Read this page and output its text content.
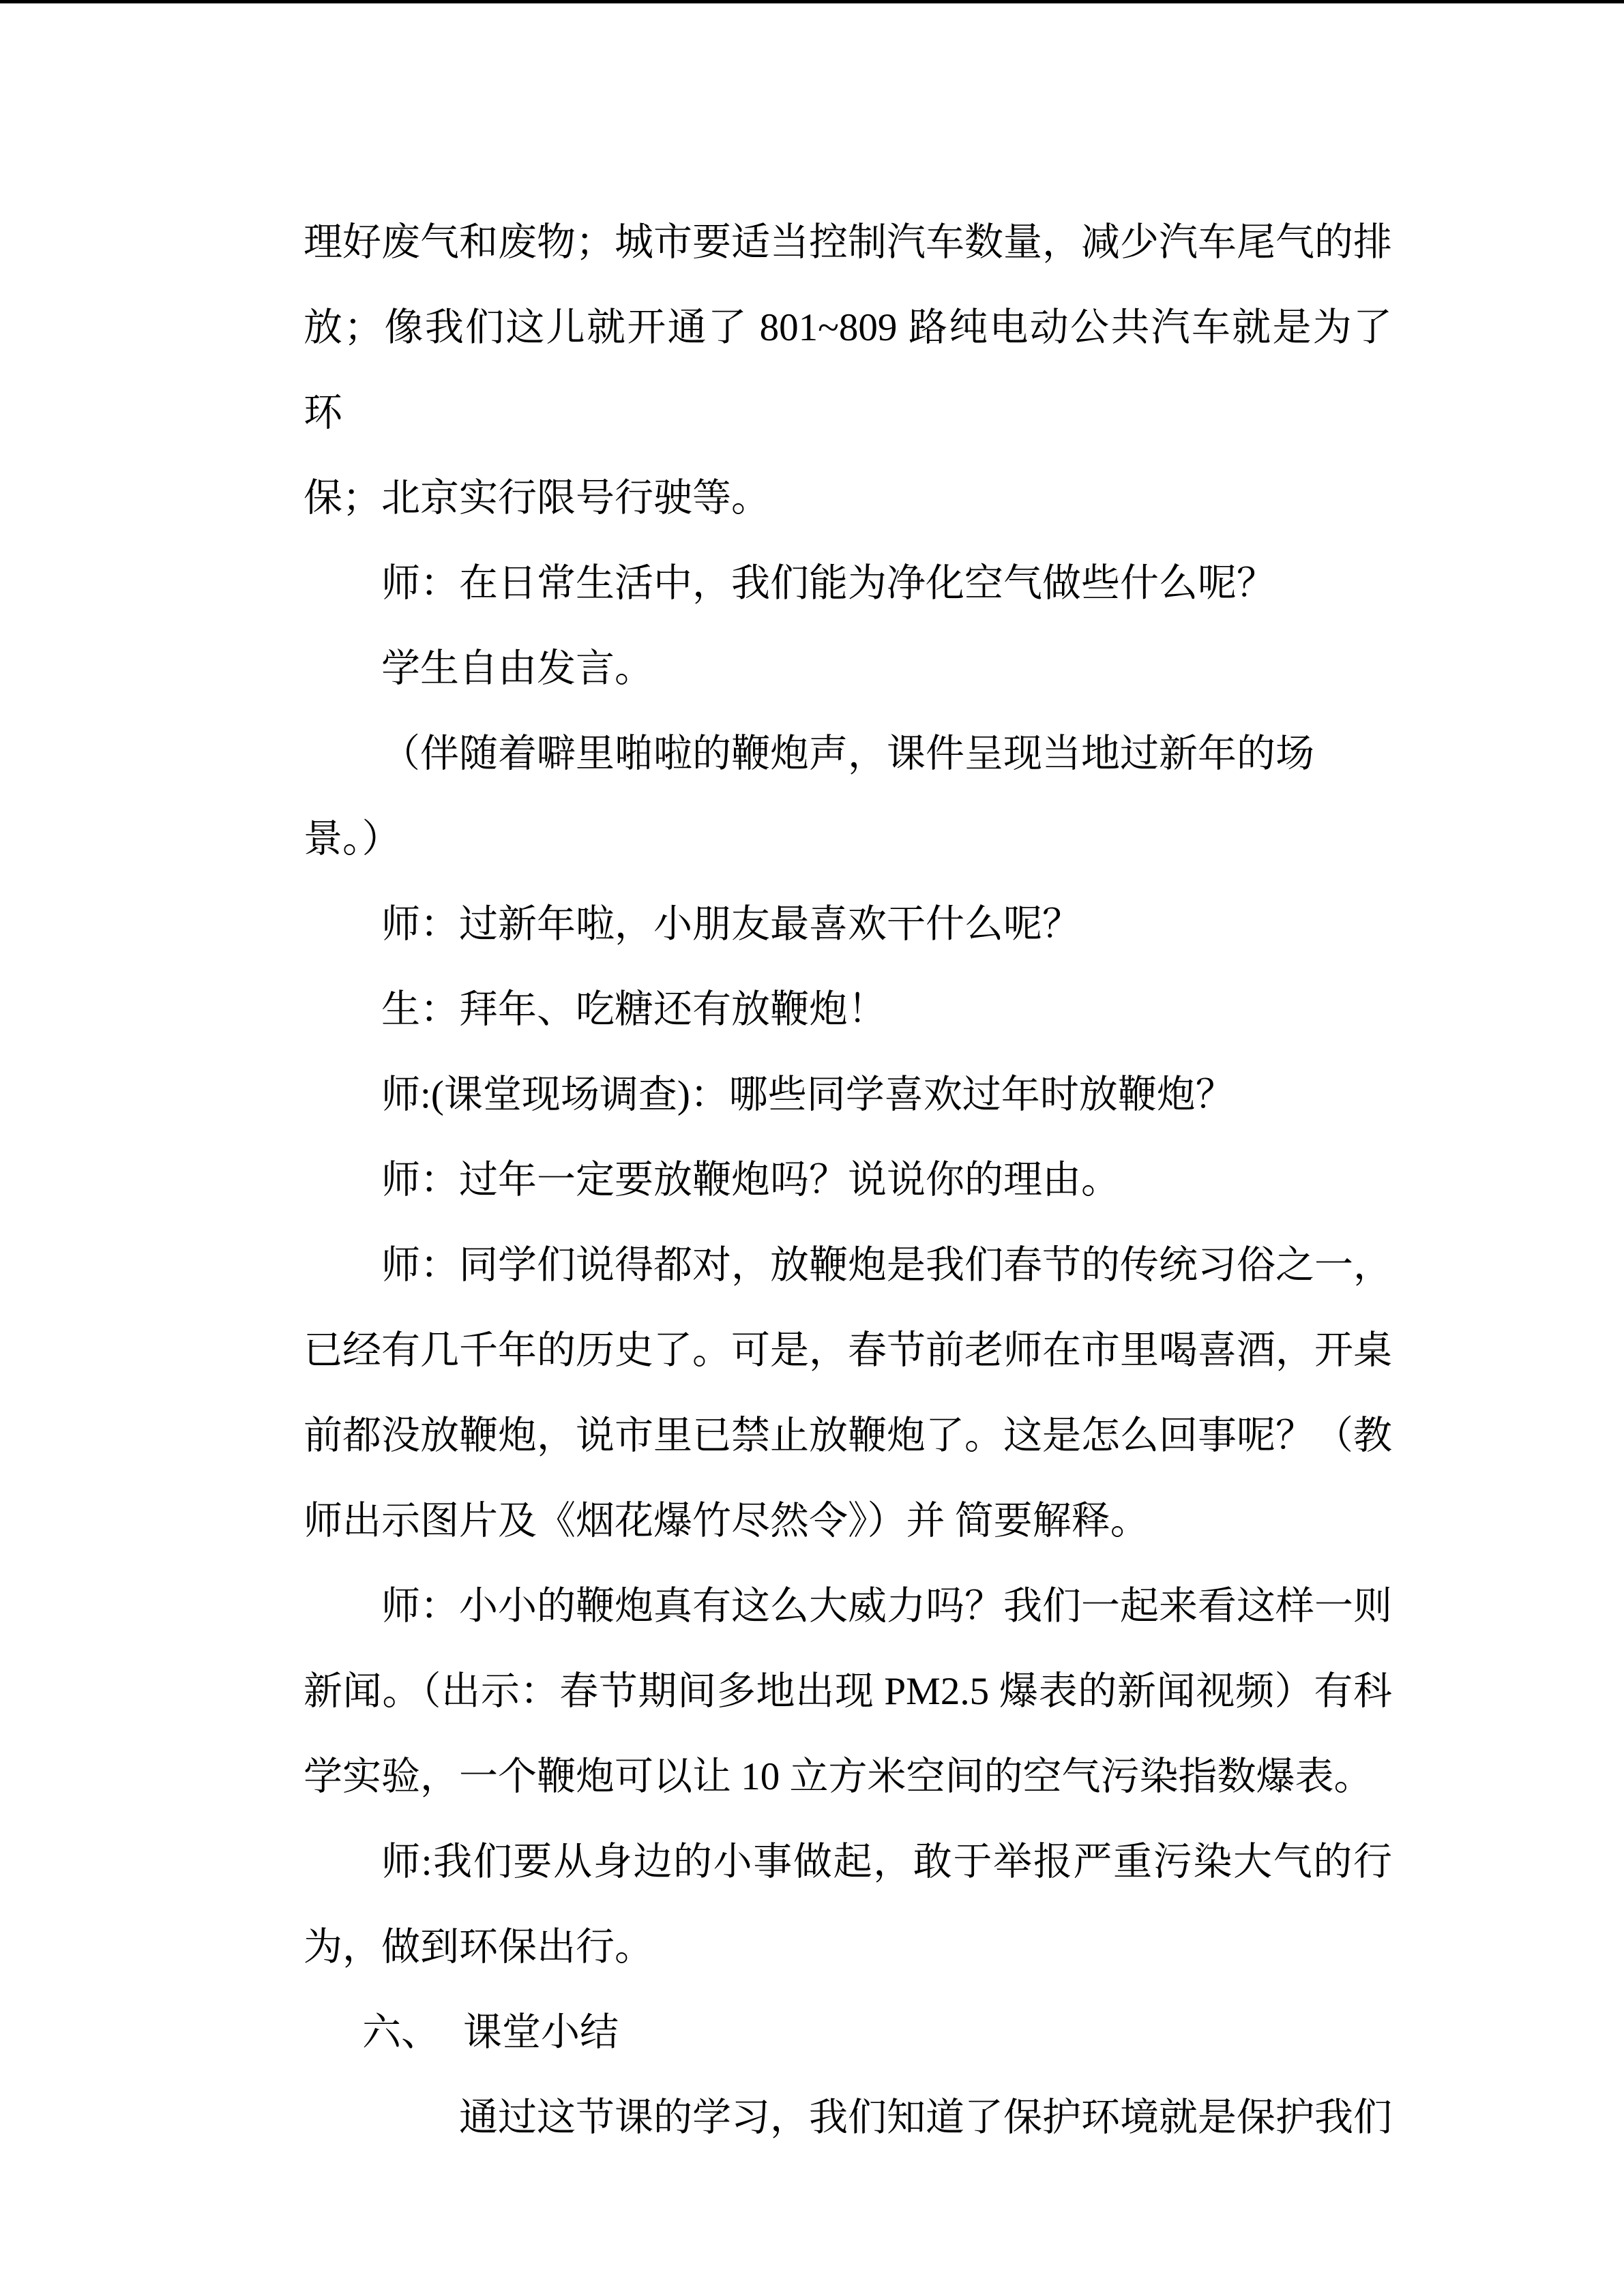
理好废气和废物；城市要适当控制汽车数量，减少汽车尾气的排
放；像我们这儿就开通了 801~809 路纯电动公共汽车就是为了环
保；北京实行限号行驶等。
师：在日常生活中，我们能为净化空气做些什么呢？
学生自由发言。
（伴随着噼里啪啦的鞭炮声，课件呈现当地过新年的场
景。）
师：过新年啦，小朋友最喜欢干什么呢？
生：拜年、吃糖还有放鞭炮！
师:(课堂现场调查)：哪些同学喜欢过年时放鞭炮？
师：过年一定要放鞭炮吗？说说你的理由。
师：同学们说得都对，放鞭炮是我们春节的传统习俗之一，
已经有几千年的历史了。可是，春节前老师在市里喝喜酒，开桌
前都没放鞭炮，说市里已禁止放鞭炮了。这是怎么回事呢？（教
师出示图片及《烟花爆竹尽然令》）并 简要解释。
师：小小的鞭炮真有这么大威力吗？我们一起来看这样一则
新闻。（出示：春节期间多地出现 PM2.5 爆表的新闻视频）有科
学实验，一个鞭炮可以让 10 立方米空间的空气污染指数爆表。
师:我们要从身边的小事做起，敢于举报严重污染大气的行
为，做到环保出行。
六、 课堂小结
通过这节课的学习，我们知道了保护环境就是保护我们
